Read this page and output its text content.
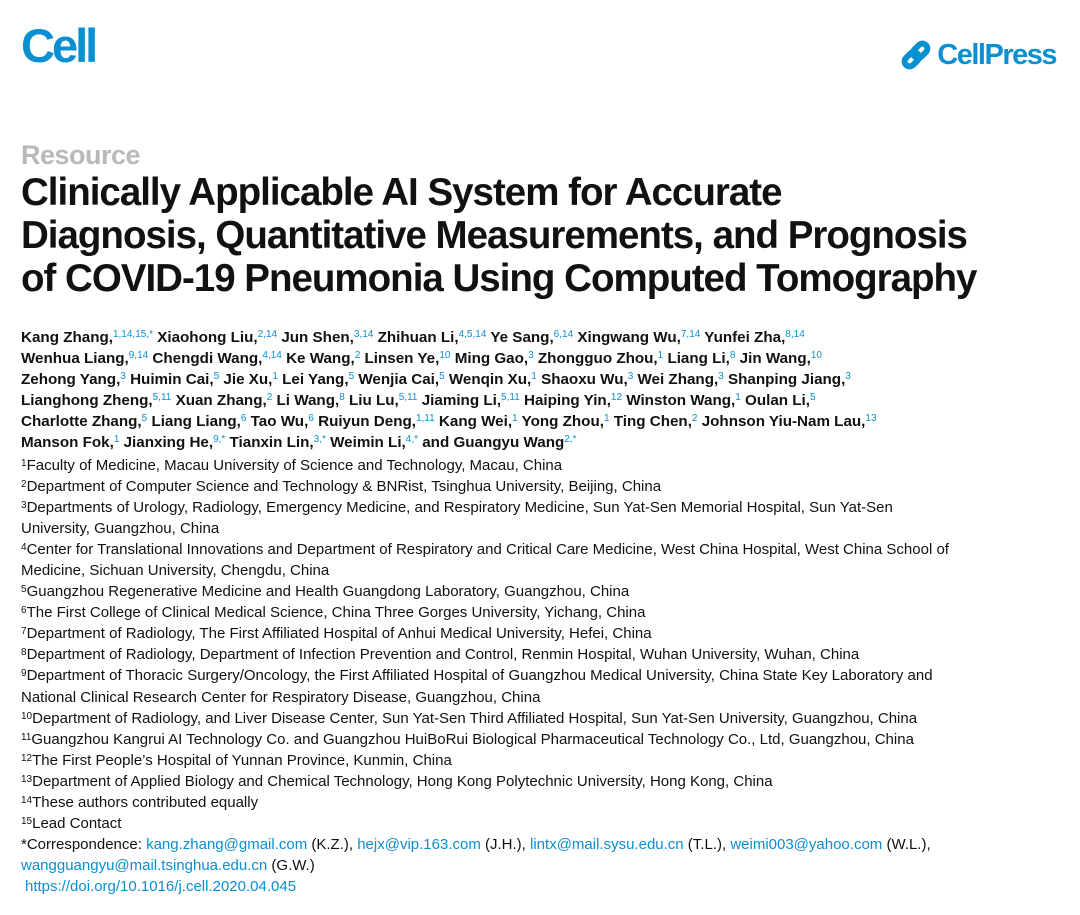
Cell	CellPress
Resource
Clinically Applicable AI System for Accurate
Diagnosis, Quantitative Measurements, and Prognosis
of COVID-19 Pneumonia Using Computed Tomography
Kang Zhang,$^{1,14,15,*}$ Xiaohong Liu,$^{2,14}$ Jun Shen,$^{3,14}$ Zhihuan Li,$^{4,5,14}$ Ye Sang,$^{6,14}$ Xingwang Wu,$^{7,14}$ Yunfei Zha,$^{8,14}$
Wenhua Liang,$^{9,14}$ Chengdi Wang,$^{4,14}$ Ke Wang,$^2$ Linsen Ye,$^{10}$ Ming Gao,$^3$ Zhongguo Zhou,$^1$ Liang Li,$^8$ Jin Wang,$^{10}$
Zehong Yang,$^3$ Huimin Cai,$^5$ Jie Xu,$^1$ Lei Yang,$^5$ Wenjia Cai,$^5$ Wenqin Xu,$^1$ Shaoxu Wu,$^3$ Wei Zhang,$^3$ Shanping Jiang,$^3$
Lianghong Zheng,$^{5,11}$ Xuan Zhang,$^2$ Li Wang,$^8$ Liu Lu,$^{5,11}$ Jiaming Li,$^{5,11}$ Haiping Yin,$^{12}$ Winston Wang,$^1$ Oulan Li,$^5$
Charlotte Zhang,$^5$ Liang Liang,$^6$ Tao Wu,$^6$ Ruiyun Deng,$^{1,11}$ Kang Wei,$^1$ Yong Zhou,$^1$ Ting Chen,$^2$ Johnson Yiu-Nam Lau,$^{13}$
Manson Fok,$^1$ Jianxing He,$^{9,*}$ Tianxin Lin,$^{3,*}$ Weimin Li,$^{4,*}$ and Guangyu Wang$^{2,*}$
$^1$Faculty of Medicine, Macau University of Science and Technology, Macau, China
$^2$Department of Computer Science and Technology & BNRist, Tsinghua University, Beijing, China
$^3$Departments of Urology, Radiology, Emergency Medicine, and Respiratory Medicine, Sun Yat-Sen Memorial Hospital, Sun Yat-Sen
University, Guangzhou, China
$^4$Center for Translational Innovations and Department of Respiratory and Critical Care Medicine, West China Hospital, West China School of
Medicine, Sichuan University, Chengdu, China
$^5$Guangzhou Regenerative Medicine and Health Guangdong Laboratory, Guangzhou, China
$^6$The First College of Clinical Medical Science, China Three Gorges University, Yichang, China
$^7$Department of Radiology, The First Affiliated Hospital of Anhui Medical University, Hefei, China
$^8$Department of Radiology, Department of Infection Prevention and Control, Renmin Hospital, Wuhan University, Wuhan, China
$^9$Department of Thoracic Surgery/Oncology, the First Affiliated Hospital of Guangzhou Medical University, China State Key Laboratory and
National Clinical Research Center for Respiratory Disease, Guangzhou, China
$^{10}$Department of Radiology, and Liver Disease Center, Sun Yat-Sen Third Affiliated Hospital, Sun Yat-Sen University, Guangzhou, China
$^{11}$Guangzhou Kangrui AI Technology Co. and Guangzhou HuiBoRui Biological Pharmaceutical Technology Co., Ltd, Guangzhou, China
$^{12}$The First People’s Hospital of Yunnan Province, Kunmin, China
$^{13}$Department of Applied Biology and Chemical Technology, Hong Kong Polytechnic University, Hong Kong, China
$^{14}$These authors contributed equally
$^{15}$Lead Contact
*Correspondence: kang.zhang@gmail.com (K.Z.), hejx@vip.163.com (J.H.), lintx@mail.sysu.edu.cn (T.L.), weimi003@yahoo.com (W.L.),
wangguangyu@mail.tsinghua.edu.cn (G.W.)
https://doi.org/10.1016/j.cell.2020.04.045
